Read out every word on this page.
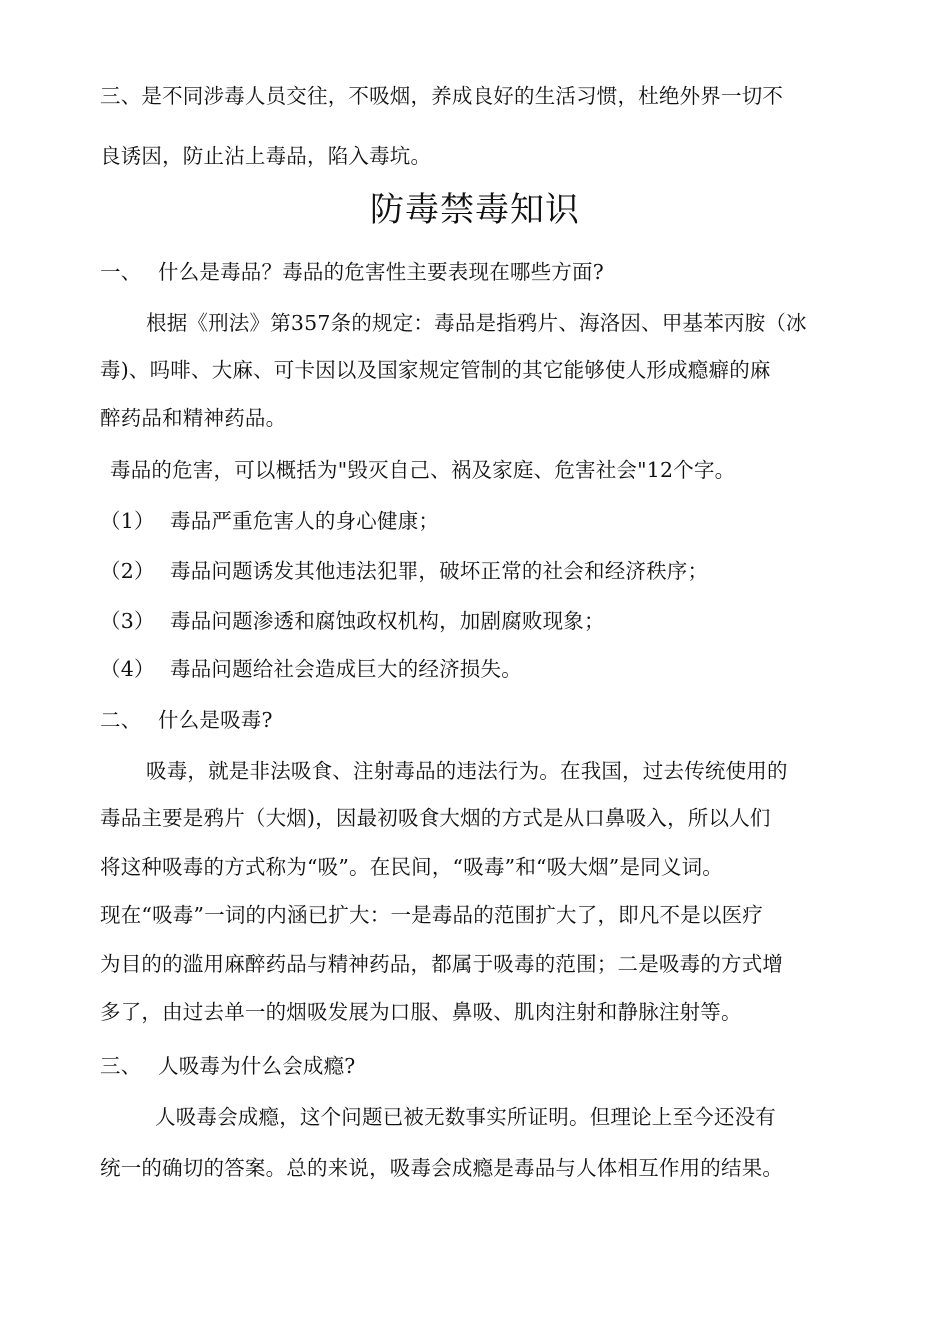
三、是不同涉毒人员交往，不吸烟，养成良好的生活习惯，杜绝外界一切不
良诱因，防止沾上毒品，陷入毒坑。
防毒禁毒知识
一、 什么是毒品？毒品的危害性主要表现在哪些方面?
根据《刑法》第357条的规定：毒品是指鸦片、海洛因、甲基苯丙胺（冰
毒)、吗啡、大麻、可卡因以及国家规定管制的其它能够使人形成瘾癖的麻
醉药品和精神药品。
毒品的危害，可以概括为"毁灭自己、祸及家庭、危害社会"12个字。
（1） 毒品严重危害人的身心健康；
（2） 毒品问题诱发其他违法犯罪，破坏正常的社会和经济秩序；
（3） 毒品问题渗透和腐蚀政权机构，加剧腐败现象；
（4） 毒品问题给社会造成巨大的经济损失。
二、 什么是吸毒?
吸毒，就是非法吸食、注射毒品的违法行为。在我国，过去传统使用的
毒品主要是鸦片（大烟)，因最初吸食大烟的方式是从口鼻吸入，所以人们
将这种吸毒的方式称为“吸”。在民间，“吸毒”和“吸大烟”是同义词。
现在“吸毒”一词的内涵已扩大：一是毒品的范围扩大了，即凡不是以医疗
为目的的滥用麻醉药品与精神药品，都属于吸毒的范围；二是吸毒的方式增
多了，由过去单一的烟吸发展为口服、鼻吸、肌肉注射和静脉注射等。
三、 人吸毒为什么会成瘾?
人吸毒会成瘾，这个问题已被无数事实所证明。但理论上至今还没有
统一的确切的答案。总的来说，吸毒会成瘾是毒品与人体相互作用的结果。
